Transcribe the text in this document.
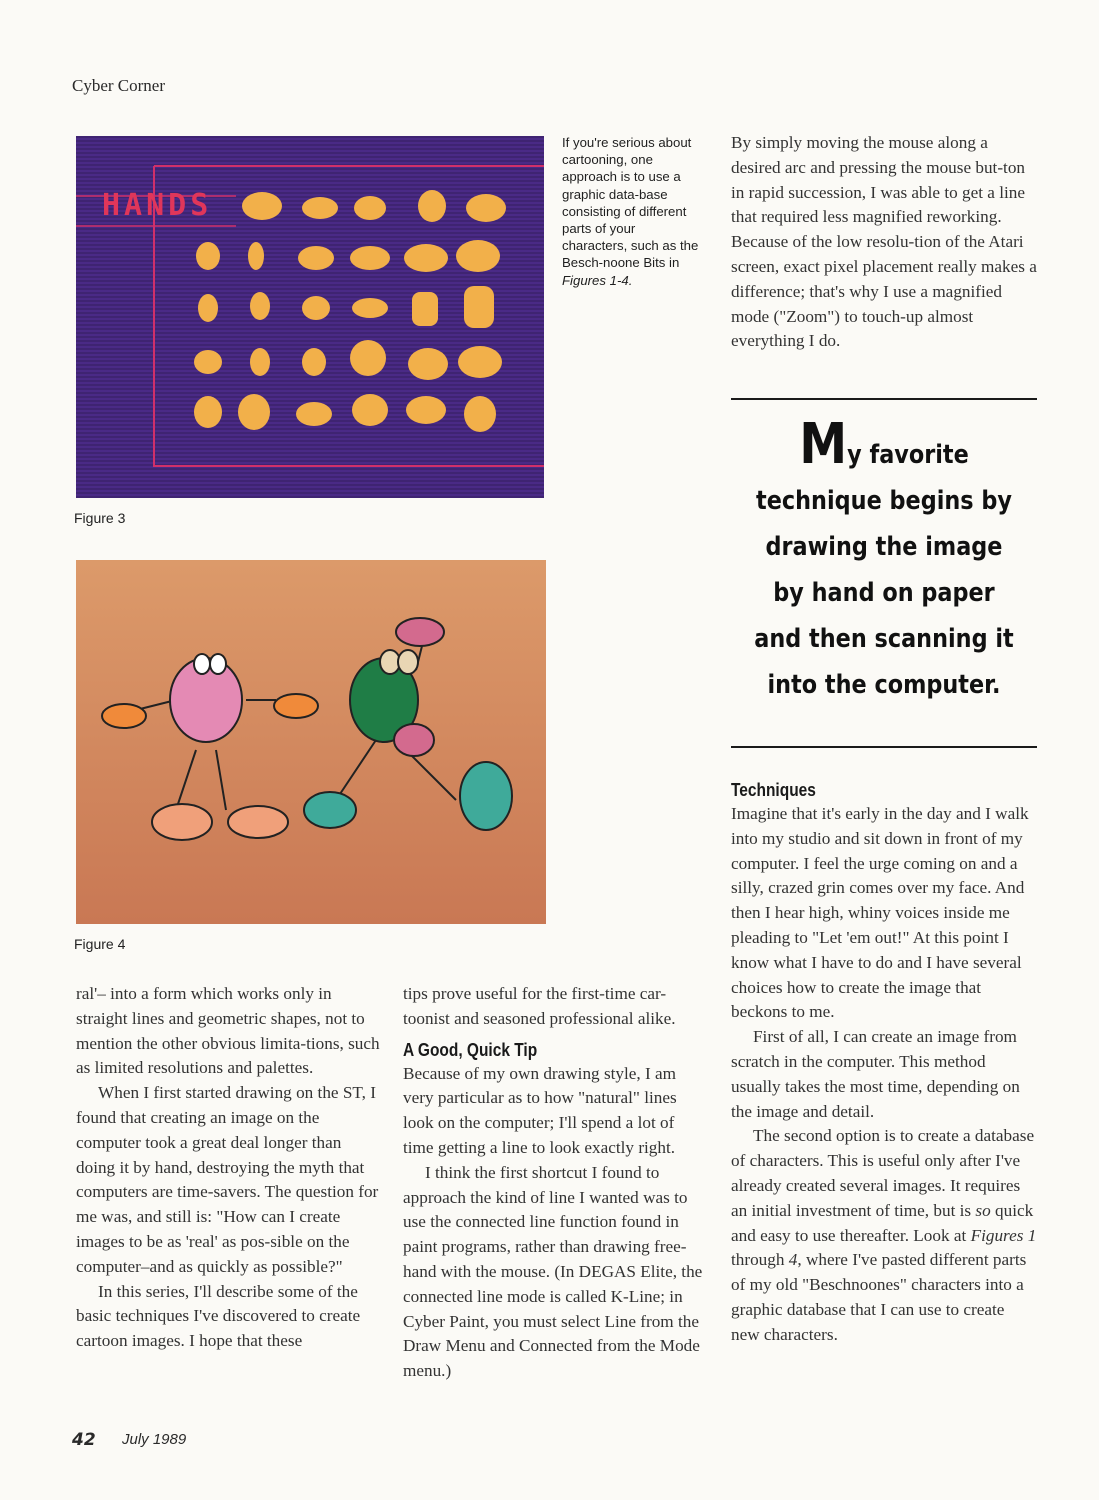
Cyber Corner
HANDS
Figure 3
If you're serious about cartooning, one approach is to use a graphic data-base consisting of different parts of your characters, such as the Besch-noone Bits in Figures 1-4.
Figure 4

ral'– into a form which works only in straight lines and geometric shapes, not to mention the other obvious limita-tions, such as limited resolutions and palettes.

When I first started drawing on the ST, I found that creating an image on the computer took a great deal longer than doing it by hand, destroying the myth that computers are time-savers. The question for me was, and still is: "How can I create images to be as 'real' as pos-sible on the computer–and as quickly as possible?"

In this series, I'll describe some of the basic techniques I've discovered to create cartoon images. I hope that these

tips prove useful for the first-time car-toonist and seasoned professional alike.

A Good, Quick Tip

Because of my own drawing style, I am very particular as to how "natural" lines look on the computer; I'll spend a lot of time getting a line to look exactly right.

I think the first shortcut I found to approach the kind of line I wanted was to use the connected line function found in paint programs, rather than drawing free-hand with the mouse. (In DEGAS Elite, the connected line mode is called K-Line; in Cyber Paint, you must select Line from the Draw Menu and Connected from the Mode menu.)

By simply moving the mouse along a desired arc and pressing the mouse but-ton in rapid succession, I was able to get a line that required less magnified reworking. Because of the low resolu-tion of the Atari screen, exact pixel placement really makes a difference; that's why I use a magnified mode ("Zoom") to touch-up almost everything I do.

My favorite
technique begins by
drawing the image
by hand on paper
and then scanning it
into the computer.
Techniques

Imagine that it's early in the day and I walk into my studio and sit down in front of my computer. I feel the urge coming on and a silly, crazed grin comes over my face. And then I hear high, whiny voices inside me pleading to "Let 'em out!" At this point I know what I have to do and I have several choices how to create the image that beckons to me.

First of all, I can create an image from scratch in the computer. This method usually takes the most time, depending on the image and detail.

The second option is to create a database of characters. This is useful only after I've already created several images. It requires an initial investment of time, but is so quick and easy to use thereafter. Look at Figures 1 through 4, where I've pasted different parts of my old "Beschnoones" characters into a graphic database that I can use to create new characters.

42 July 1989
